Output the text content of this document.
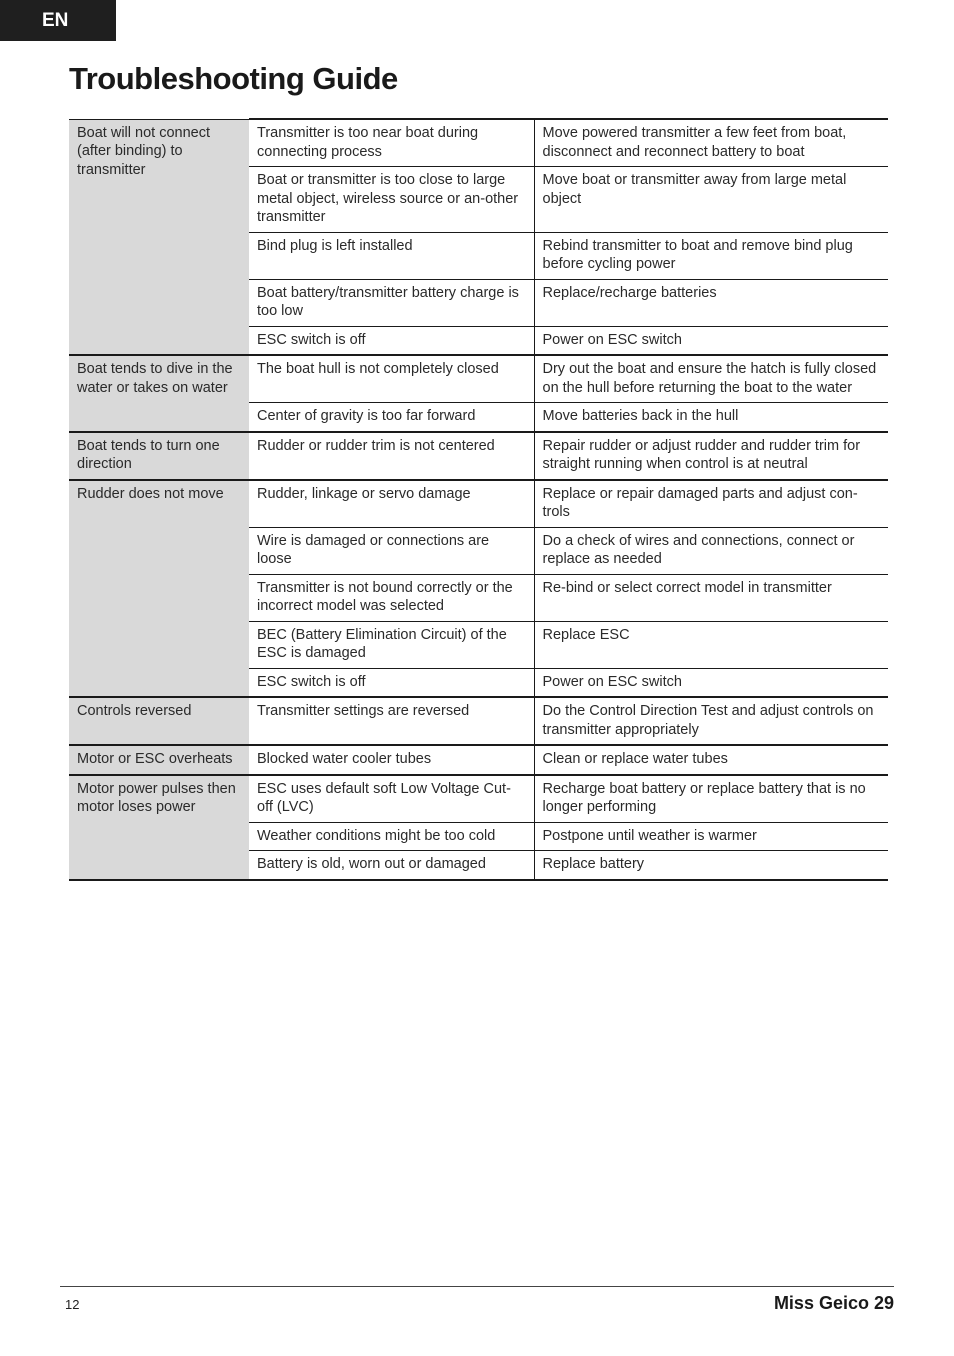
EN
Troubleshooting Guide
Boat will not connect (after binding) to transmitter	Transmitter is too near boat during connecting process	Move powered transmitter a few feet from boat, disconnect and reconnect battery to boat
	Boat or transmitter is too close to large metal object, wireless source or an-other transmitter	Move boat or transmitter away from large metal object
	Bind plug is left installed	Rebind transmitter to boat and remove bind plug before cycling power
	Boat battery/transmitter battery charge is too low	Replace/recharge batteries
	ESC switch is off	Power on ESC switch
Boat tends to dive in the water or takes on water	The boat hull is not completely closed	Dry out the boat and ensure the hatch is fully closed on the hull before returning the boat to the water
	Center of gravity is too far forward	Move batteries back in the hull
Boat tends to turn one direction	Rudder or rudder trim is not centered	Repair rudder or adjust rudder and rudder trim for straight running when control is at neutral
Rudder does not move	Rudder, linkage or servo damage	Replace or repair damaged parts and adjust con-trols
	Wire is damaged or connections are loose	Do a check of wires and connections, connect or replace as needed
	Transmitter is not bound correctly or the incorrect model was selected	Re-bind or select correct model in transmitter
	BEC (Battery Elimination Circuit) of the ESC is damaged	Replace ESC
	ESC switch is off	Power on ESC switch
Controls reversed	Transmitter settings are reversed	Do the Control Direction Test and adjust controls on transmitter appropriately
Motor or ESC overheats	Blocked water cooler tubes	Clean or replace water tubes
Motor power pulses then motor loses power	ESC uses default soft Low Voltage Cut-off (LVC)	Recharge boat battery or replace battery that is no longer performing
	Weather conditions might be too cold	Postpone until weather is warmer
	Battery is old, worn out or damaged	Replace battery
12	Miss Geico 29
